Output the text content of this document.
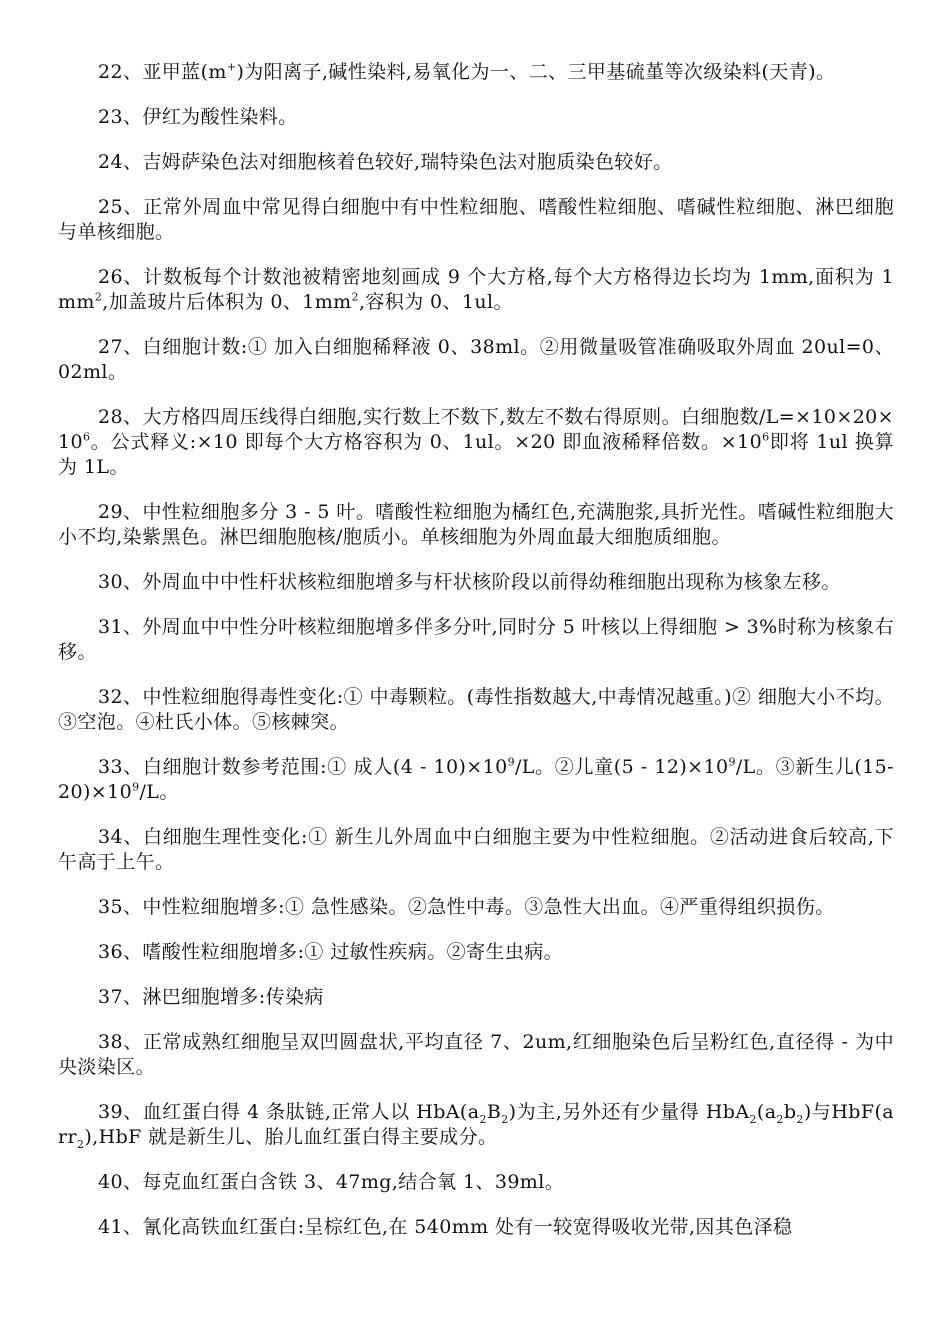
22、亚甲蓝(m+)为阳离子,碱性染料,易氧化为一、二、三甲基硫堇等次级染料(天青)。

23、伊红为酸性染料。

24、吉姆萨染色法对细胞核着色较好,瑞特染色法对胞质染色较好。

25、正常外周血中常见得白细胞中有中性粒细胞、嗜酸性粒细胞、嗜碱性粒细胞、淋巴细胞与单核细胞。

26、计数板每个计数池被精密地刻画成 9 个大方格,每个大方格得边长均为 1mm,面积为 $1mm^2$,加盖玻片后体积为 0、$1mm^2$,容积为 0、1ul。

27、白细胞计数:① 加入白细胞稀释液 0、38ml。②用微量吸管准确吸取外周血 20ul=0、02ml。

28、大方格四周压线得白细胞,实行数上不数下,数左不数右得原则。白细胞数$/L=\times 10\times 20\times 10^6$。公式释义:×10 即每个大方格容积为 0、1ul。×20 即血液稀释倍数。$\times 10^6$即将 1ul 换算为 1L。

29、中性粒细胞多分 3 - 5 叶。嗜酸性粒细胞为橘红色,充满胞浆,具折光性。嗜碱性粒细胞大小不均,染紫黑色。淋巴细胞胞核/胞质小。单核细胞为外周血最大细胞质细胞。

30、外周血中中性杆状核粒细胞增多与杆状核阶段以前得幼稚细胞出现称为核象左移。

31、外周血中中性分叶核粒细胞增多伴多分叶,同时分 5 叶核以上得细胞 > 3%时称为核象右移。

32、中性粒细胞得毒性变化:① 中毒颗粒。(毒性指数越大,中毒情况越重。)② 细胞大小不均。③空泡。④杜氏小体。⑤核棘突。

33、白细胞计数参考范围:① 成人$(4 - 10)\times 10^9/L$。②儿童$(5 - 12)\times 10^9/L$。③新生儿$(15-20)\times 10^9/L$。

34、白细胞生理性变化:① 新生儿外周血中白细胞主要为中性粒细胞。②活动进食后较高,下午高于上午。

35、中性粒细胞增多:① 急性感染。②急性中毒。③急性大出血。④严重得组织损伤。

36、嗜酸性粒细胞增多:① 过敏性疾病。②寄生虫病。

37、淋巴细胞增多:传染病

38、正常成熟红细胞呈双凹圆盘状,平均直径 7、2um,红细胞染色后呈粉红色,直径得 - 为中央淡染区。

39、血红蛋白得 4 条肽链,正常人以 $HbA(a_2B_2)$为主,另外还有少量得 $HbA_2(a_2b_2)$与HbF(arr$_2$),HbF 就是新生儿、胎儿血红蛋白得主要成分。

40、每克血红蛋白含铁 3、47mg,结合氧 1、39ml。

41、氰化高铁血红蛋白:呈棕红色,在 540mm 处有一较宽得吸收光带,因其色泽稳
